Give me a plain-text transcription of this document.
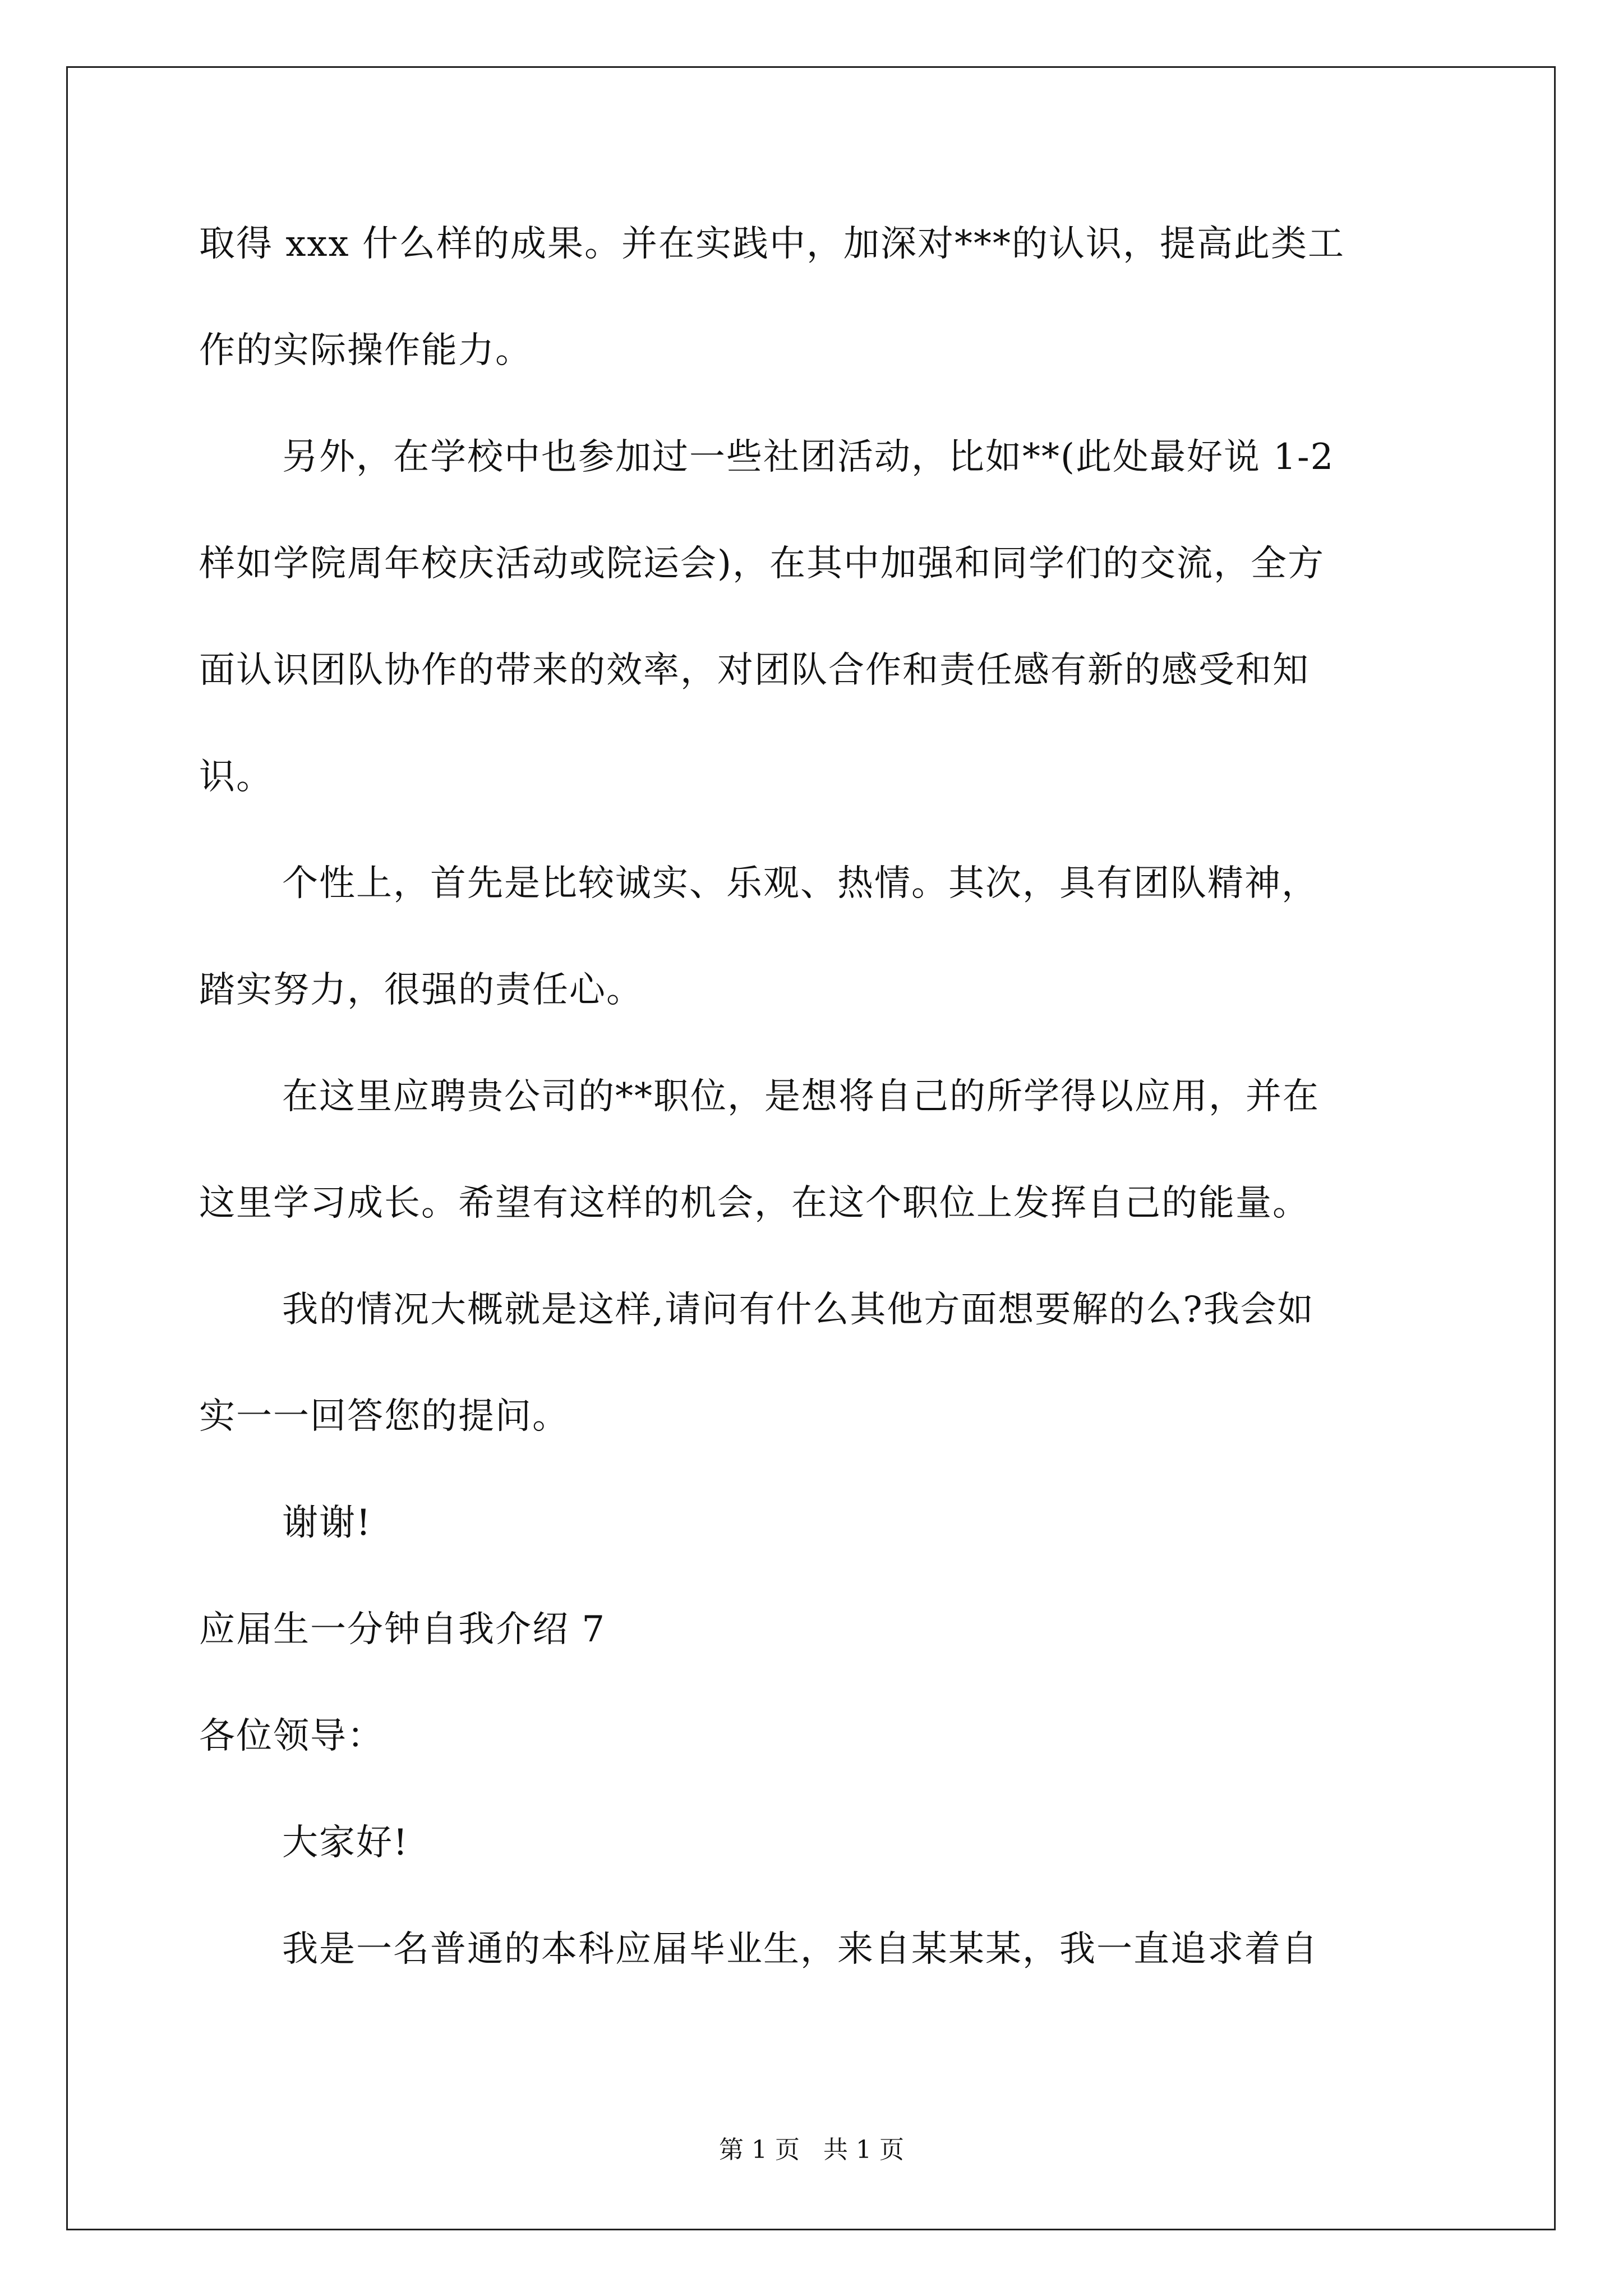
取得 xxx 什么样的成果。并在实践中，加深对***的认识，提高此类工
作的实际操作能力。
另外，在学校中也参加过一些社团活动，比如**(此处最好说 1-2
样如学院周年校庆活动或院运会)，在其中加强和同学们的交流，全方
面认识团队协作的带来的效率，对团队合作和责任感有新的感受和知
识。
个性上，首先是比较诚实、乐观、热情。其次，具有团队精神，
踏实努力，很强的责任心。
在这里应聘贵公司的**职位，是想将自己的所学得以应用，并在
这里学习成长。希望有这样的机会，在这个职位上发挥自己的能量。
我的情况大概就是这样,请问有什么其他方面想要解的么?我会如
实一一回答您的提问。
谢谢!
应届生一分钟自我介绍 7
各位领导：
大家好!
我是一名普通的本科应届毕业生，来自某某某，我一直追求着自
第 1 页   共 1 页
